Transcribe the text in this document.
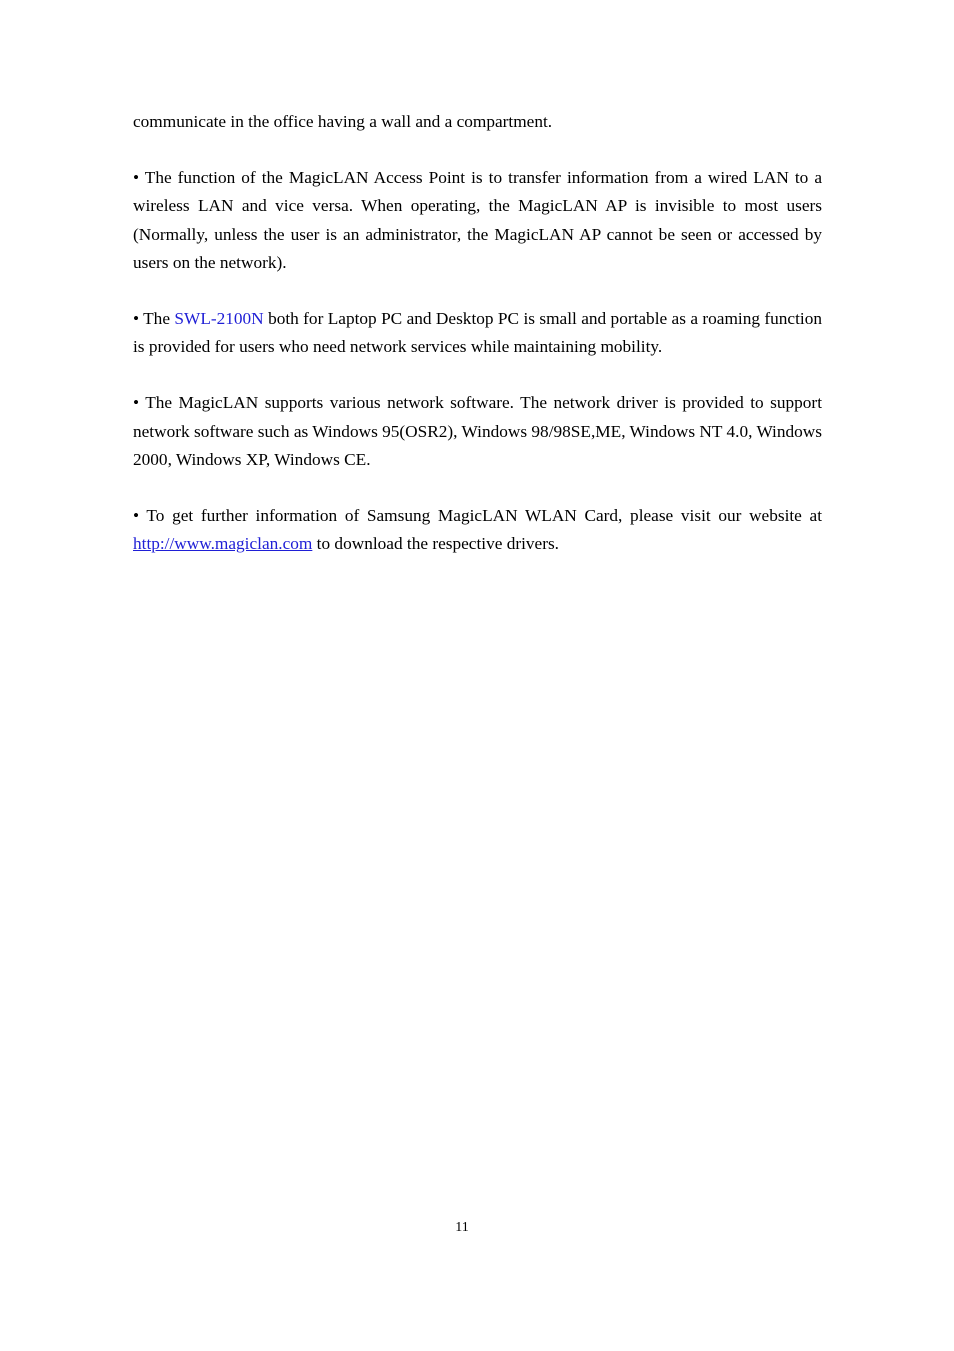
communicate in the office having a wall and a compartment.

• The function of the MagicLAN Access Point is to transfer information from a wired LAN to a wireless LAN and vice versa. When operating, the MagicLAN AP is invisible to most users (Normally, unless the user is an administrator, the MagicLAN AP cannot be seen or accessed by users on the network).

• The SWL-2100N both for Laptop PC and Desktop PC is small and portable as a roaming function is provided for users who need network services while maintaining mobility.

• The MagicLAN supports various network software. The network driver is provided to support network software such as Windows 95(OSR2), Windows 98/98SE,ME, Windows NT 4.0, Windows 2000, Windows XP, Windows CE.

• To get further information of Samsung MagicLAN WLAN Card, please visit our website at http://www.magiclan.com to download the respective drivers.

11
